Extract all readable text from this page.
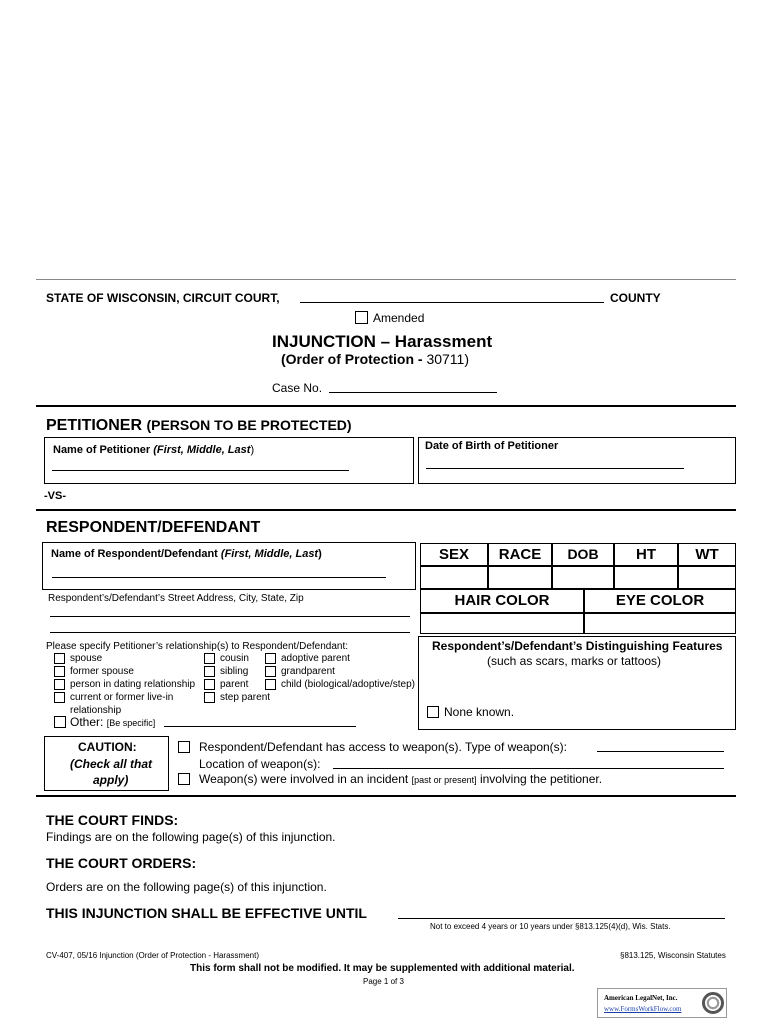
STATE OF WISCONSIN, CIRCUIT COURT,	COUNTY
Amended
INJUNCTION – Harassment
(Order of Protection - 30711)
Case No.
PETITIONER (PERSON TO BE PROTECTED)
Name of Petitioner (First, Middle, Last)	Date of Birth of Petitioner
-VS-
RESPONDENT/DEFENDANT
Name of Respondent/Defendant (First, Middle, Last)	SEX	RACE	DOB	HT	WT
HAIR COLOR	EYE COLOR
Respondent’s/Defendant’s Street Address, City, State, Zip
Respondent’s/Defendant’s Distinguishing Features
(such as scars, marks or tattoos)
None known.
Please specify Petitioner’s relationship(s) to Respondent/Defendant:
spouse
former spouse
person in dating relationship
current or former live-in
relationship
cousin
sibling
parent
step parent
adoptive parent
grandparent
child (biological/adoptive/step)
Other: [Be specific]
CAUTION:
(Check all that
apply)
Respondent/Defendant has access to weapon(s). Type of weapon(s):
Location of weapon(s):
Weapon(s) were involved in an incident [past or present] involving the petitioner.
THE COURT FINDS:
Findings are on the following page(s) of this injunction.
THE COURT ORDERS:
Orders are on the following page(s) of this injunction.
THIS INJUNCTION SHALL BE EFFECTIVE UNTIL
Not to exceed 4 years or 10 years under §813.125(4)(d), Wis. Stats.
CV-407, 05/16 Injunction (Order of Protection - Harassment)	§813.125, Wisconsin Statutes
This form shall not be modified. It may be supplemented with additional material.
Page 1 of 3
American LegalNet, Inc.
www.FormsWorkFlow.com
